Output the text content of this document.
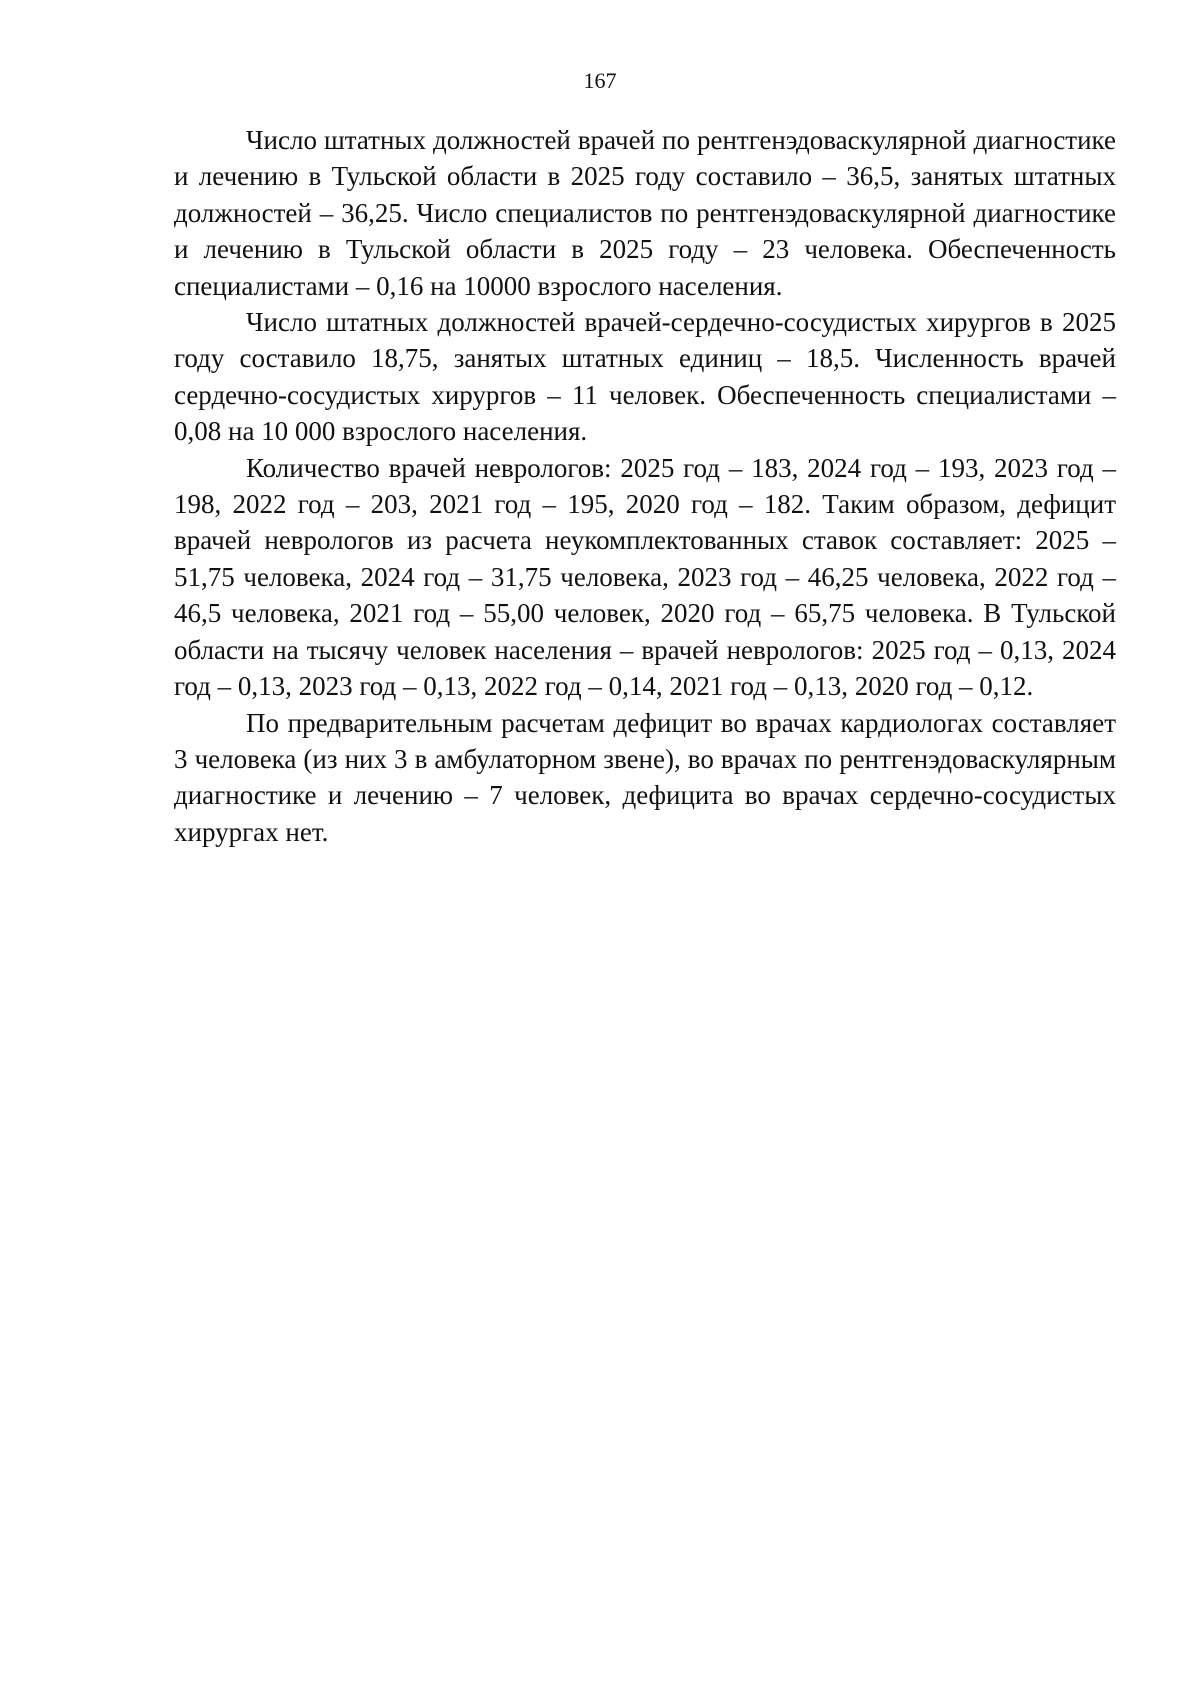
167

Число штатных должностей врачей по рентгенэдоваскулярной диагностике и лечению в Тульской области в 2025 году составило – 36,5, занятых штатных должностей – 36,25. Число специалистов по рентгенэдоваскулярной диагностике и лечению в Тульской области в 2025 году – 23 человека. Обеспеченность специалистами – 0,16 на 10000 взрослого населения.

Число штатных должностей врачей-сердечно-сосудистых хирургов в 2025 году составило 18,75, занятых штатных единиц – 18,5. Численность врачей сердечно-сосудистых хирургов – 11 человек. Обеспеченность специалистами – 0,08 на 10 000 взрослого населения.

Количество врачей неврологов: 2025 год – 183, 2024 год – 193, 2023 год – 198, 2022 год – 203, 2021 год – 195, 2020 год – 182. Таким образом, дефицит врачей неврологов из расчета неукомплектованных ставок составляет: 2025 – 51,75 человека, 2024 год – 31,75 человека, 2023 год – 46,25 человека, 2022 год – 46,5 человека, 2021 год – 55,00 человек, 2020 год – 65,75 человека. В Тульской области на тысячу человек населения – врачей неврологов: 2025 год – 0,13, 2024 год – 0,13, 2023 год – 0,13, 2022 год – 0,14, 2021 год – 0,13, 2020 год – 0,12.

По предварительным расчетам дефицит во врачах кардиологах составляет 3 человека (из них 3 в амбулаторном звене), во врачах по рентгенэдоваскулярным диагностике и лечению – 7 человек, дефицита во врачах сердечно-сосудистых хирургах нет.
